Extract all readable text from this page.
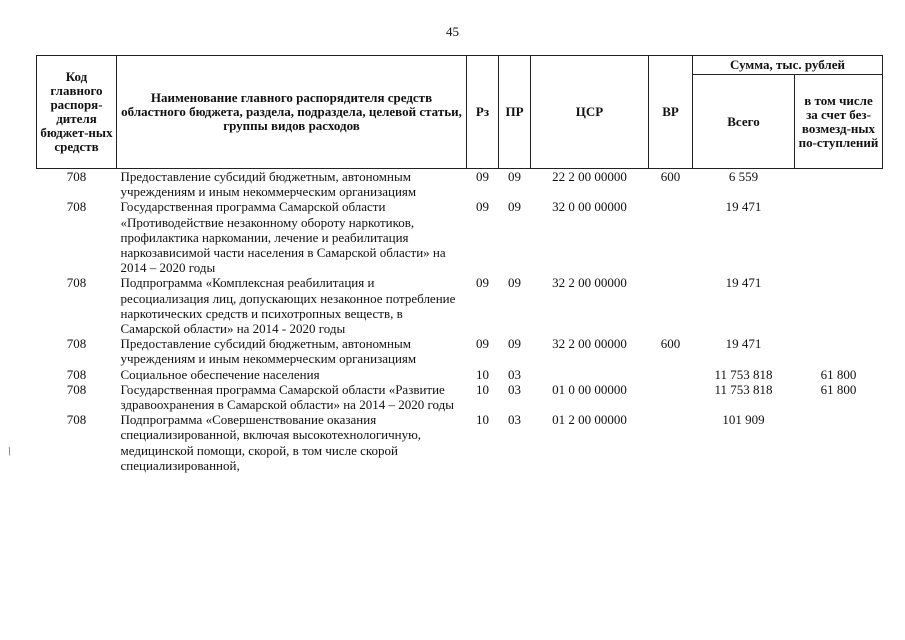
45
/
Код главного распоря-дителя бюджет-ных средств	Наименование главного распорядителя средств областного бюджета, раздела, подраздела, целевой статьи, группы видов расходов	Рз	ПР	ЦСР	ВР	Сумма, тыс. рублей	
						Всего	в том числе за счет без-возмезд-ных по-ступлений
708	Предоставление субсидий бюджетным, автономным учреждениям и иным некоммерческим организациям	09	09	22 2 00 00000	600	6 559	
708	Государственная программа Самарской области «Противодействие незаконному обороту наркотиков, профилактика наркомании, лечение и реабилитация наркозависимой части населения в Самарской области» на 2014 – 2020 годы	09	09	32 0 00 00000		19 471	
708	Подпрограмма «Комплексная реабилитация и ресоциализация лиц, допускающих незаконное потребление наркотических средств и психотропных веществ, в Самарской области» на 2014 - 2020 годы	09	09	32 2 00 00000		19 471	
708	Предоставление субсидий бюджетным, автономным учреждениям и иным некоммерческим организациям	09	09	32 2 00 00000	600	19 471	
708	Социальное обеспечение населения	10	03			11 753 818	61 800
708	Государственная программа Самарской области «Развитие здравоохранения в Самарской области» на 2014 – 2020 годы	10	03	01 0 00 00000		11 753 818	61 800
708	Подпрограмма «Совершенствование оказания специализированной, включая высокотехнологичную, медицинской помощи, скорой, в том числе скорой специализированной,	10	03	01 2 00 00000		101 909	
